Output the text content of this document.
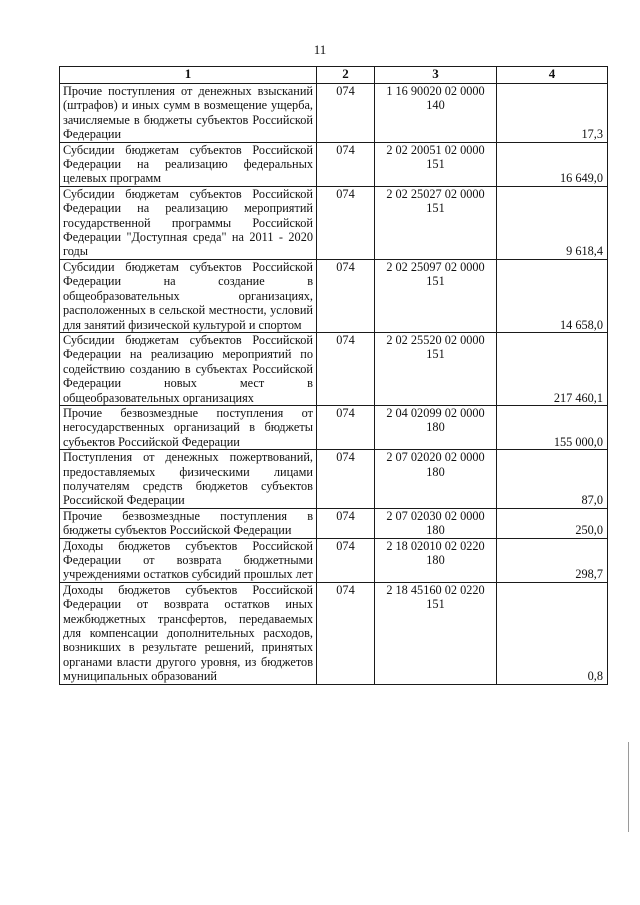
11
1	2	3	4
Прочие поступления от денежных взысканий (штрафов) и иных сумм в возмещение ущерба, зачисляемые в бюджеты субъектов Российской Федерации	074	1 16 90020 02 0000 140	17,3
Субсидии бюджетам субъектов Российской Федерации на реализацию федеральных целевых программ	074	2 02 20051 02 0000 151	16 649,0
Субсидии бюджетам субъектов Российской Федерации на реализацию мероприятий государственной программы Российской Федерации "Доступная среда" на 2011 - 2020 годы	074	2 02 25027 02 0000 151	9 618,4
Субсидии бюджетам субъектов Российской Федерации на создание в общеобразовательных организациях, расположенных в сельской местности, условий для занятий физической культурой и спортом	074	2 02 25097 02 0000 151	14 658,0
Субсидии бюджетам субъектов Российской Федерации на реализацию мероприятий по содействию созданию в субъектах Российской Федерации новых мест в общеобразовательных организациях	074	2 02 25520 02 0000 151	217 460,1
Прочие безвозмездные поступления от негосударственных организаций в бюджеты субъектов Российской Федерации	074	2 04 02099 02 0000 180	155 000,0
Поступления от денежных пожертвований, предоставляемых физическими лицами получателям средств бюджетов субъектов Российской Федерации	074	2 07 02020 02 0000 180	87,0
Прочие безвозмездные поступления в бюджеты субъектов Российской Федерации	074	2 07 02030 02 0000 180	250,0
Доходы бюджетов субъектов Российской Федерации от возврата бюджетными учреждениями остатков субсидий прошлых лет	074	2 18 02010 02 0220 180	298,7
Доходы бюджетов субъектов Российской Федерации от возврата остатков иных межбюджетных трансфертов, передаваемых для компенсации дополнительных расходов, возникших в результате решений, принятых органами власти другого уровня, из бюджетов муниципальных образований	074	2 18 45160 02 0220 151	0,8
